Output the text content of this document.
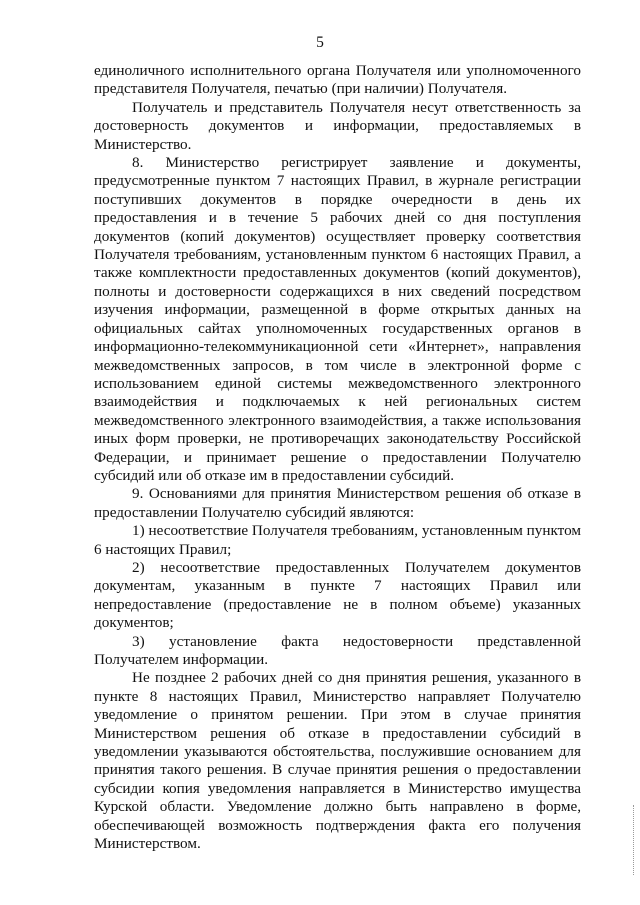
5

единоличного исполнительного органа Получателя или уполномоченного представителя Получателя, печатью (при наличии) Получателя.

Получатель и представитель Получателя несут ответственность за достоверность документов и информации, предоставляемых в Министерство.

8. Министерство регистрирует заявление и документы, предусмотренные пунктом 7 настоящих Правил, в журнале регистрации поступивших документов в порядке очередности в день их предоставления и в течение 5 рабочих дней со дня поступления документов (копий документов) осуществляет проверку соответствия Получателя требованиям, установленным пунктом 6 настоящих Правил, а также комплектности предоставленных документов (копий документов), полноты и достоверности содержащихся в них сведений посредством изучения информации, размещенной в форме открытых данных на официальных сайтах уполномоченных государственных органов в информационно-телекоммуникационной сети «Интернет», направления межведомственных запросов, в том числе в электронной форме с использованием единой системы межведомственного электронного взаимодействия и подключаемых к ней региональных систем межведомственного электронного взаимодействия, а также использования иных форм проверки, не противоречащих законодательству Российской Федерации, и принимает решение о предоставлении Получателю субсидий или об отказе им в предоставлении субсидий.

9. Основаниями для принятия Министерством решения об отказе в предоставлении Получателю субсидий являются:

1) несоответствие Получателя требованиям, установленным пунктом 6 настоящих Правил;

2) несоответствие предоставленных Получателем документов документам, указанным в пункте 7 настоящих Правил или непредоставление (предоставление не в полном объеме) указанных документов;

3) установление факта недостоверности представленной Получателем информации.

Не позднее 2 рабочих дней со дня принятия решения, указанного в пункте 8 настоящих Правил, Министерство направляет Получателю уведомление о принятом решении. При этом в случае принятия Министерством решения об отказе в предоставлении субсидий в уведомлении указываются обстоятельства, послужившие основанием для принятия такого решения. В случае принятия решения о предоставлении субсидии копия уведомления направляется в Министерство имущества Курской области. Уведомление должно быть направлено в форме, обеспечивающей возможность подтверждения факта его получения Министерством.
